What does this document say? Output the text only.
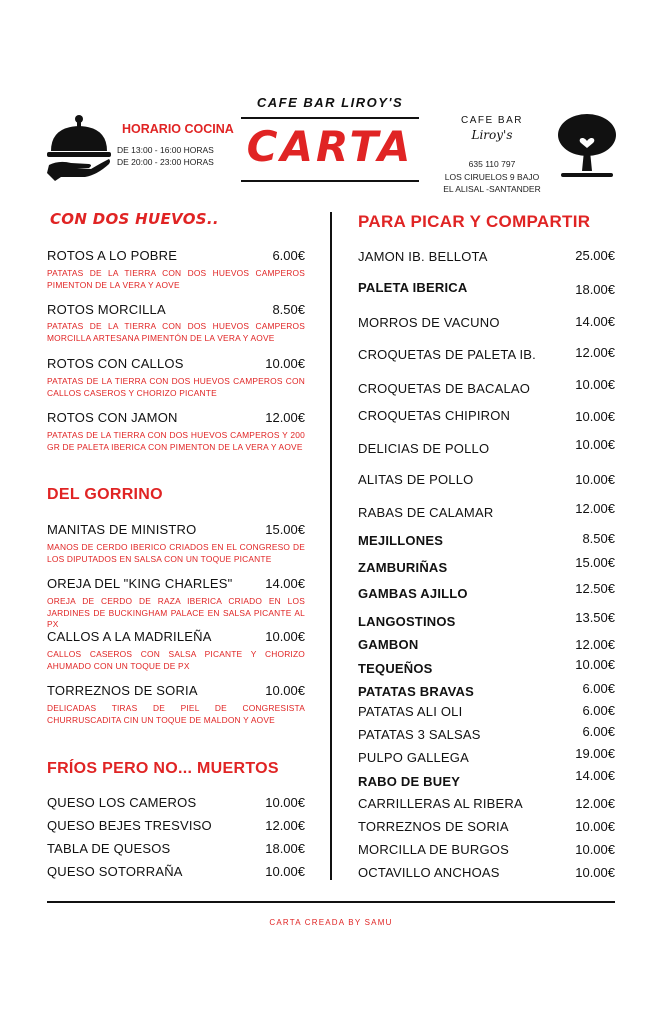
HORARIO COCINA
DE 13:00 - 16:00 HORAS
DE 20:00 - 23:00 HORAS
CAFE BAR LIROY'S
CARTA
CAFE BAR
Liroy's
635 110 797
LOS CIRUELOS 9 BAJO
EL ALISAL -SANTANDER
CON DOS HUEVOS..
ROTOS A LO POBRE	6.00€
PATATAS DE LA TIERRA CON DOS HUEVOS CAMPEROS PIMENTON DE LA VERA Y AOVE
ROTOS MORCILLA	8.50€
PATATAS DE LA TIERRA CON DOS HUEVOS CAMPEROS MORCILLA ARTESANA PIMENTÓN DE LA VERA Y AOVE
ROTOS CON CALLOS	10.00€
PATATAS DE LA TIERRA CON DOS HUEVOS CAMPEROS CON CALLOS CASEROS Y CHORIZO PICANTE
ROTOS CON JAMON	12.00€
PATATAS DE LA TIERRA CON DOS HUEVOS CAMPEROS Y 200 GR DE PALETA IBERICA CON PIMENTON DE LA VERA Y AOVE
DEL GORRINO
MANITAS DE MINISTRO	15.00€
MANOS DE CERDO IBERICO CRIADOS EN EL CONGRESO DE LOS DIPUTADOS EN SALSA CON UN TOQUE PICANTE
OREJA DEL "KING CHARLES"	14.00€
OREJA DE CERDO DE RAZA IBERICA CRIADO EN LOS JARDINES DE BUCKINGHAM PALACE EN SALSA PICANTE AL PX
CALLOS A LA MADRILEÑA	10.00€
CALLOS CASEROS CON SALSA PICANTE Y CHORIZO AHUMADO CON UN TOQUE DE PX
TORREZNOS DE SORIA	10.00€
DELICADAS TIRAS DE PIEL DE CONGRESISTA CHURRUSCADITA CIN UN TOQUE DE MALDON Y AOVE
FRÍOS PERO NO... MUERTOS
QUESO LOS CAMEROS	10.00€
QUESO BEJES TRESVISO	12.00€
TABLA DE QUESOS	18.00€
QUESO SOTORRAÑA	10.00€
PARA PICAR Y COMPARTIR
JAMON IB. BELLOTA	25.00€
PALETA IBERICA	18.00€
MORROS DE VACUNO	14.00€
CROQUETAS DE PALETA IB.	12.00€
CROQUETAS DE BACALAO	10.00€
CROQUETAS CHIPIRON	10.00€
DELICIAS DE POLLO	10.00€
ALITAS DE POLLO	10.00€
RABAS DE CALAMAR	12.00€
MEJILLONES	8.50€
ZAMBURIÑAS	15.00€
GAMBAS AJILLO	12.50€
LANGOSTINOS	13.50€
GAMBON	12.00€
TEQUEÑOS	10.00€
PATATAS BRAVAS	6.00€
PATATAS ALI OLI	6.00€
PATATAS 3 SALSAS	6.00€
PULPO GALLEGA	19.00€
RABO DE BUEY	14.00€
CARRILLERAS AL RIBERA	12.00€
TORREZNOS DE SORIA	10.00€
MORCILLA DE BURGOS	10.00€
OCTAVILLO ANCHOAS	10.00€
CARTA CREADA BY SAMU
